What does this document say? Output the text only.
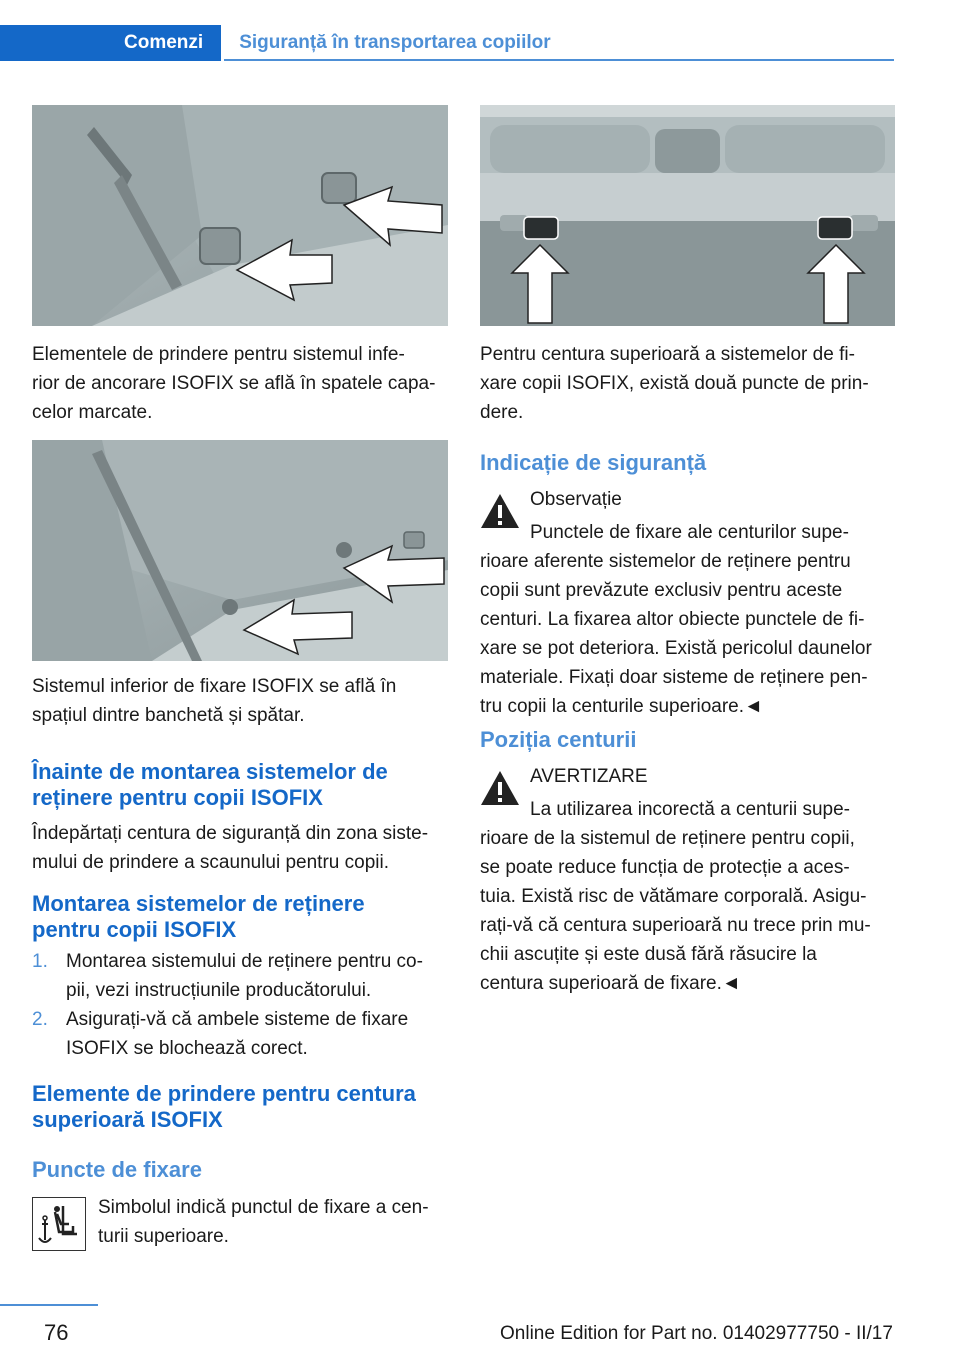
Comenzi	Siguranță în transportarea copiilor
Elementele de prindere pentru sistemul infe-
rior de ancorare ISOFIX se află în spatele capa-
celor marcate.
Sistemul inferior de fixare ISOFIX se află în
spațiul dintre banchetă și spătar.
Înainte de montarea sistemelor de
reținere pentru copii ISOFIX
Îndepărtați centura de siguranță din zona siste-
mului de prindere a scaunului pentru copii.
Montarea sistemelor de reținere
pentru copii ISOFIX
1. Montarea sistemului de reținere pentru co-
pii, vezi instrucțiunile producătorului.
2. Asigurați-vă că ambele sisteme de fixare
ISOFIX se blochează corect.
Elemente de prindere pentru centura
superioară ISOFIX
Puncte de fixare
Simbolul indică punctul de fixare a cen-
turii superioare.
Pentru centura superioară a sistemelor de fi-
xare copii ISOFIX, există două puncte de prin-
dere.
Indicație de siguranță
Observație
Punctele de fixare ale centurilor supe-
rioare aferente sistemelor de reținere pentru
copii sunt prevăzute exclusiv pentru aceste
centuri. La fixarea altor obiecte punctele de fi-
xare se pot deteriora. Există pericolul daunelor
materiale. Fixați doar sisteme de reținere pen-
tru copii la centurile superioare.◄
Poziția centurii
AVERTIZARE
La utilizarea incorectă a centurii supe-
rioare de la sistemul de reținere pentru copii,
se poate reduce funcția de protecție a aces-
tuia. Există risc de vătămare corporală. Asigu-
rați-vă că centura superioară nu trece prin mu-
chii ascuțite și este dusă fără răsucire la
centura superioară de fixare.◄
76	Online Edition for Part no. 01402977750 - II/17
